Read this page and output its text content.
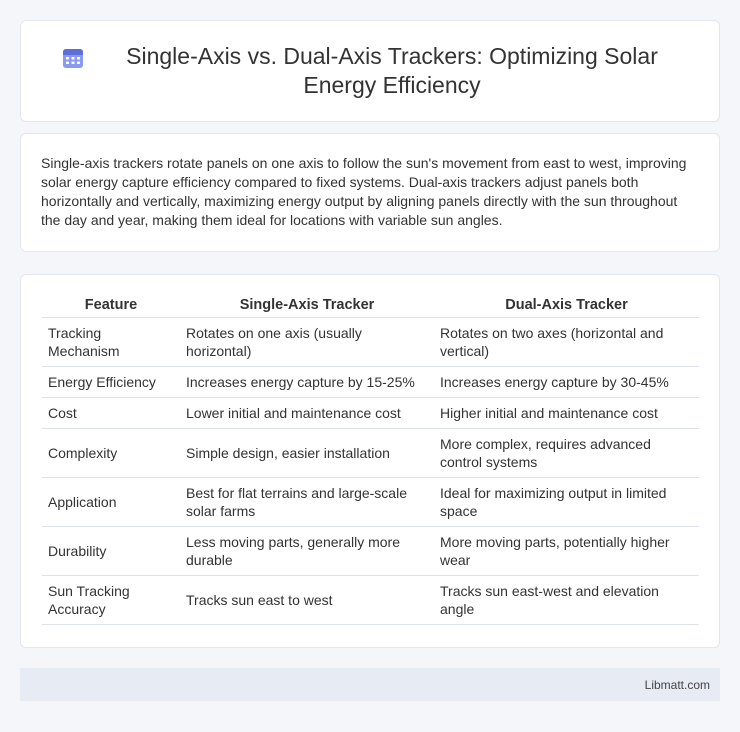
Single-Axis vs. Dual-Axis Trackers: Optimizing Solar Energy Efficiency

Single-axis trackers rotate panels on one axis to follow the sun's movement from east to west, improving solar energy capture efficiency compared to fixed systems. Dual-axis trackers adjust panels both horizontally and vertically, maximizing energy output by aligning panels directly with the sun throughout the day and year, making them ideal for locations with variable sun angles.

Feature	Single-Axis Tracker	Dual-Axis Tracker
Tracking Mechanism	Rotates on one axis (usually horizontal)	Rotates on two axes (horizontal and vertical)
Energy Efficiency	Increases energy capture by 15-25%	Increases energy capture by 30-45%
Cost	Lower initial and maintenance cost	Higher initial and maintenance cost
Complexity	Simple design, easier installation	More complex, requires advanced control systems
Application	Best for flat terrains and large-scale solar farms	Ideal for maximizing output in limited space
Durability	Less moving parts, generally more durable	More moving parts, potentially higher wear
Sun Tracking Accuracy	Tracks sun east to west	Tracks sun east-west and elevation angle
Libmatt.com
